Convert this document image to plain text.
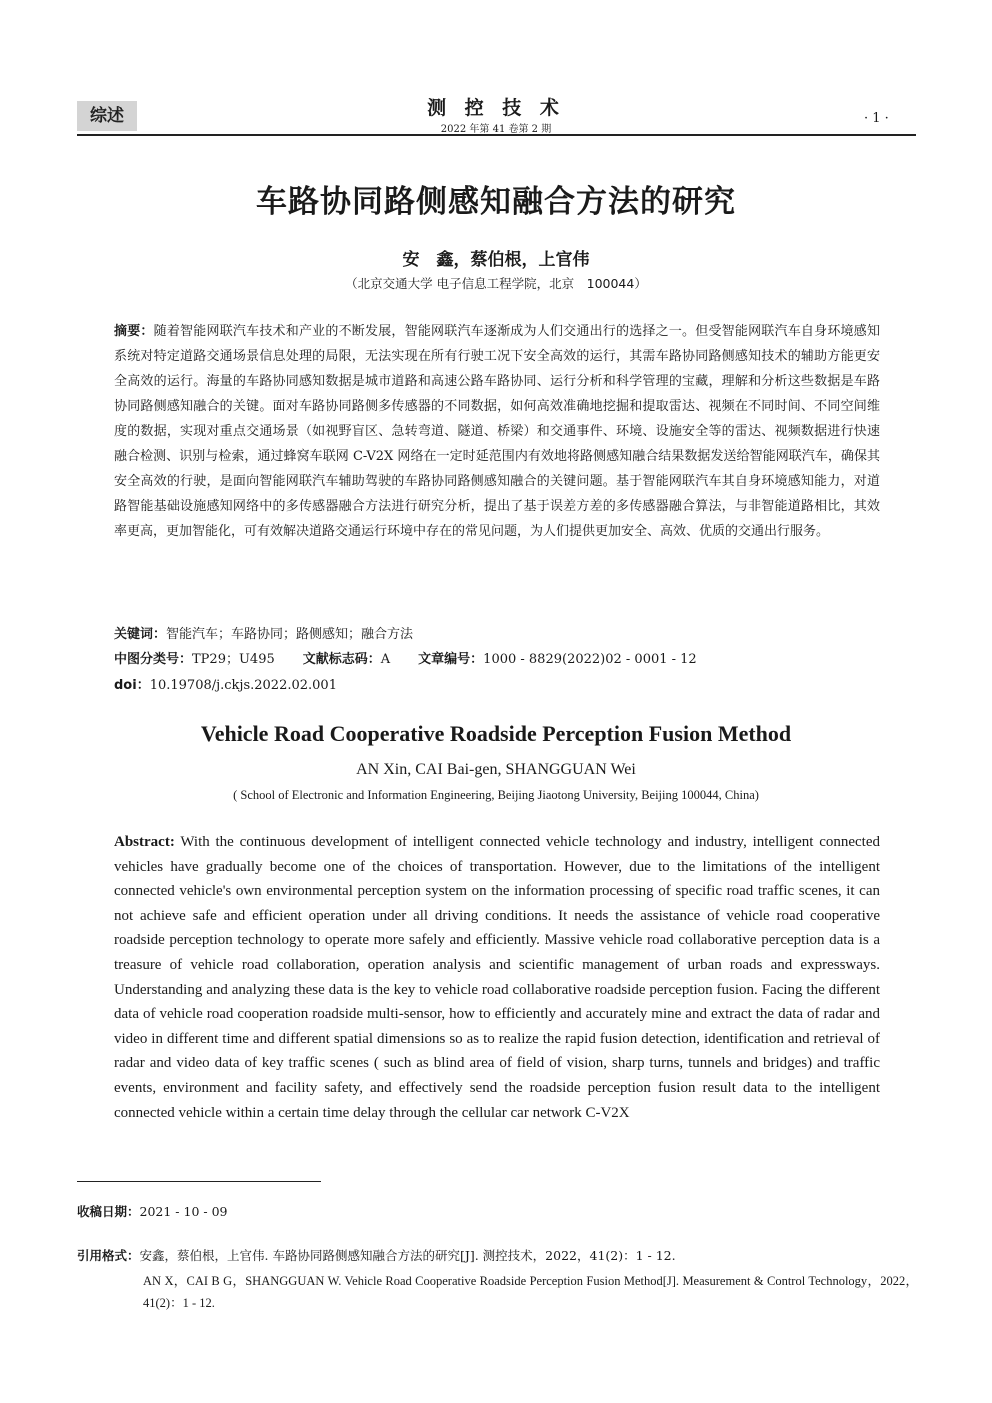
综述	测 控 技 术
2022 年第 41 卷第 2 期
· 1 ·
车路协同路侧感知融合方法的研究
安　鑫，蔡伯根，上官伟
（北京交通大学 电子信息工程学院，北京　100044）
摘要：随着智能网联汽车技术和产业的不断发展，智能网联汽车逐渐成为人们交通出行的选择之一。但受智能网联汽车自身环境感知系统对特定道路交通场景信息处理的局限，无法实现在所有行驶工况下安全高效的运行，其需车路协同路侧感知技术的辅助方能更安全高效的运行。海量的车路协同感知数据是城市道路和高速公路车路协同、运行分析和科学管理的宝藏，理解和分析这些数据是车路协同路侧感知融合的关键。面对车路协同路侧多传感器的不同数据，如何高效准确地挖掘和提取雷达、视频在不同时间、不同空间维度的数据，实现对重点交通场景（如视野盲区、急转弯道、隧道、桥梁）和交通事件、环境、设施安全等的雷达、视频数据进行快速融合检测、识别与检索，通过蜂窝车联网 C-V2X 网络在一定时延范围内有效地将路侧感知融合结果数据发送给智能网联汽车，确保其安全高效的行驶，是面向智能网联汽车辅助驾驶的车路协同路侧感知融合的关键问题。基于智能网联汽车其自身环境感知能力，对道路智能基础设施感知网络中的多传感器融合方法进行研究分析，提出了基于误差方差的多传感器融合算法，与非智能道路相比，其效率更高，更加智能化，可有效解决道路交通运行环境中存在的常见问题，为人们提供更加安全、高效、优质的交通出行服务。
关键词：智能汽车；车路协同；路侧感知；融合方法
中图分类号：TP29；U495 文献标志码：A 文章编号：1000 - 8829(2022)02 - 0001 - 12
doi：10.19708/j.ckjs.2022.02.001
Vehicle Road Cooperative Roadside Perception Fusion Method
AN Xin, CAI Bai-gen, SHANGGUAN Wei
( School of Electronic and Information Engineering, Beijing Jiaotong University, Beijing 100044, China)
Abstract: With the continuous development of intelligent connected vehicle technology and industry, intelligent connected vehicles have gradually become one of the choices of transportation. However, due to the limitations of the intelligent connected vehicle's own environmental perception system on the information processing of specific road traffic scenes, it can not achieve safe and efficient operation under all driving conditions. It needs the assistance of vehicle road cooperative roadside perception technology to operate more safely and efficiently. Massive vehicle road collaborative perception data is a treasure of vehicle road collaboration, operation analysis and scientific management of urban roads and expressways. Understanding and analyzing these data is the key to vehicle road collaborative roadside perception fusion. Facing the different data of vehicle road cooperation roadside multi-sensor, how to efficiently and accurately mine and extract the data of radar and video in different time and different spatial dimensions so as to realize the rapid fusion detection, identification and retrieval of radar and video data of key traffic scenes ( such as blind area of field of vision, sharp turns, tunnels and bridges) and traffic events, environment and facility safety, and effectively send the roadside perception fusion result data to the intelligent connected vehicle within a certain time delay through the cellular car network C-V2X
收稿日期：2021 - 10 - 09
引用格式：安鑫，蔡伯根，上官伟. 车路协同路侧感知融合方法的研究[J]. 测控技术，2022，41(2)：1 - 12.
AN X，CAI B G，SHANGGUAN W. Vehicle Road Cooperative Roadside Perception Fusion Method[J]. Measurement & Control Technology，2022，41(2)：1 - 12.
